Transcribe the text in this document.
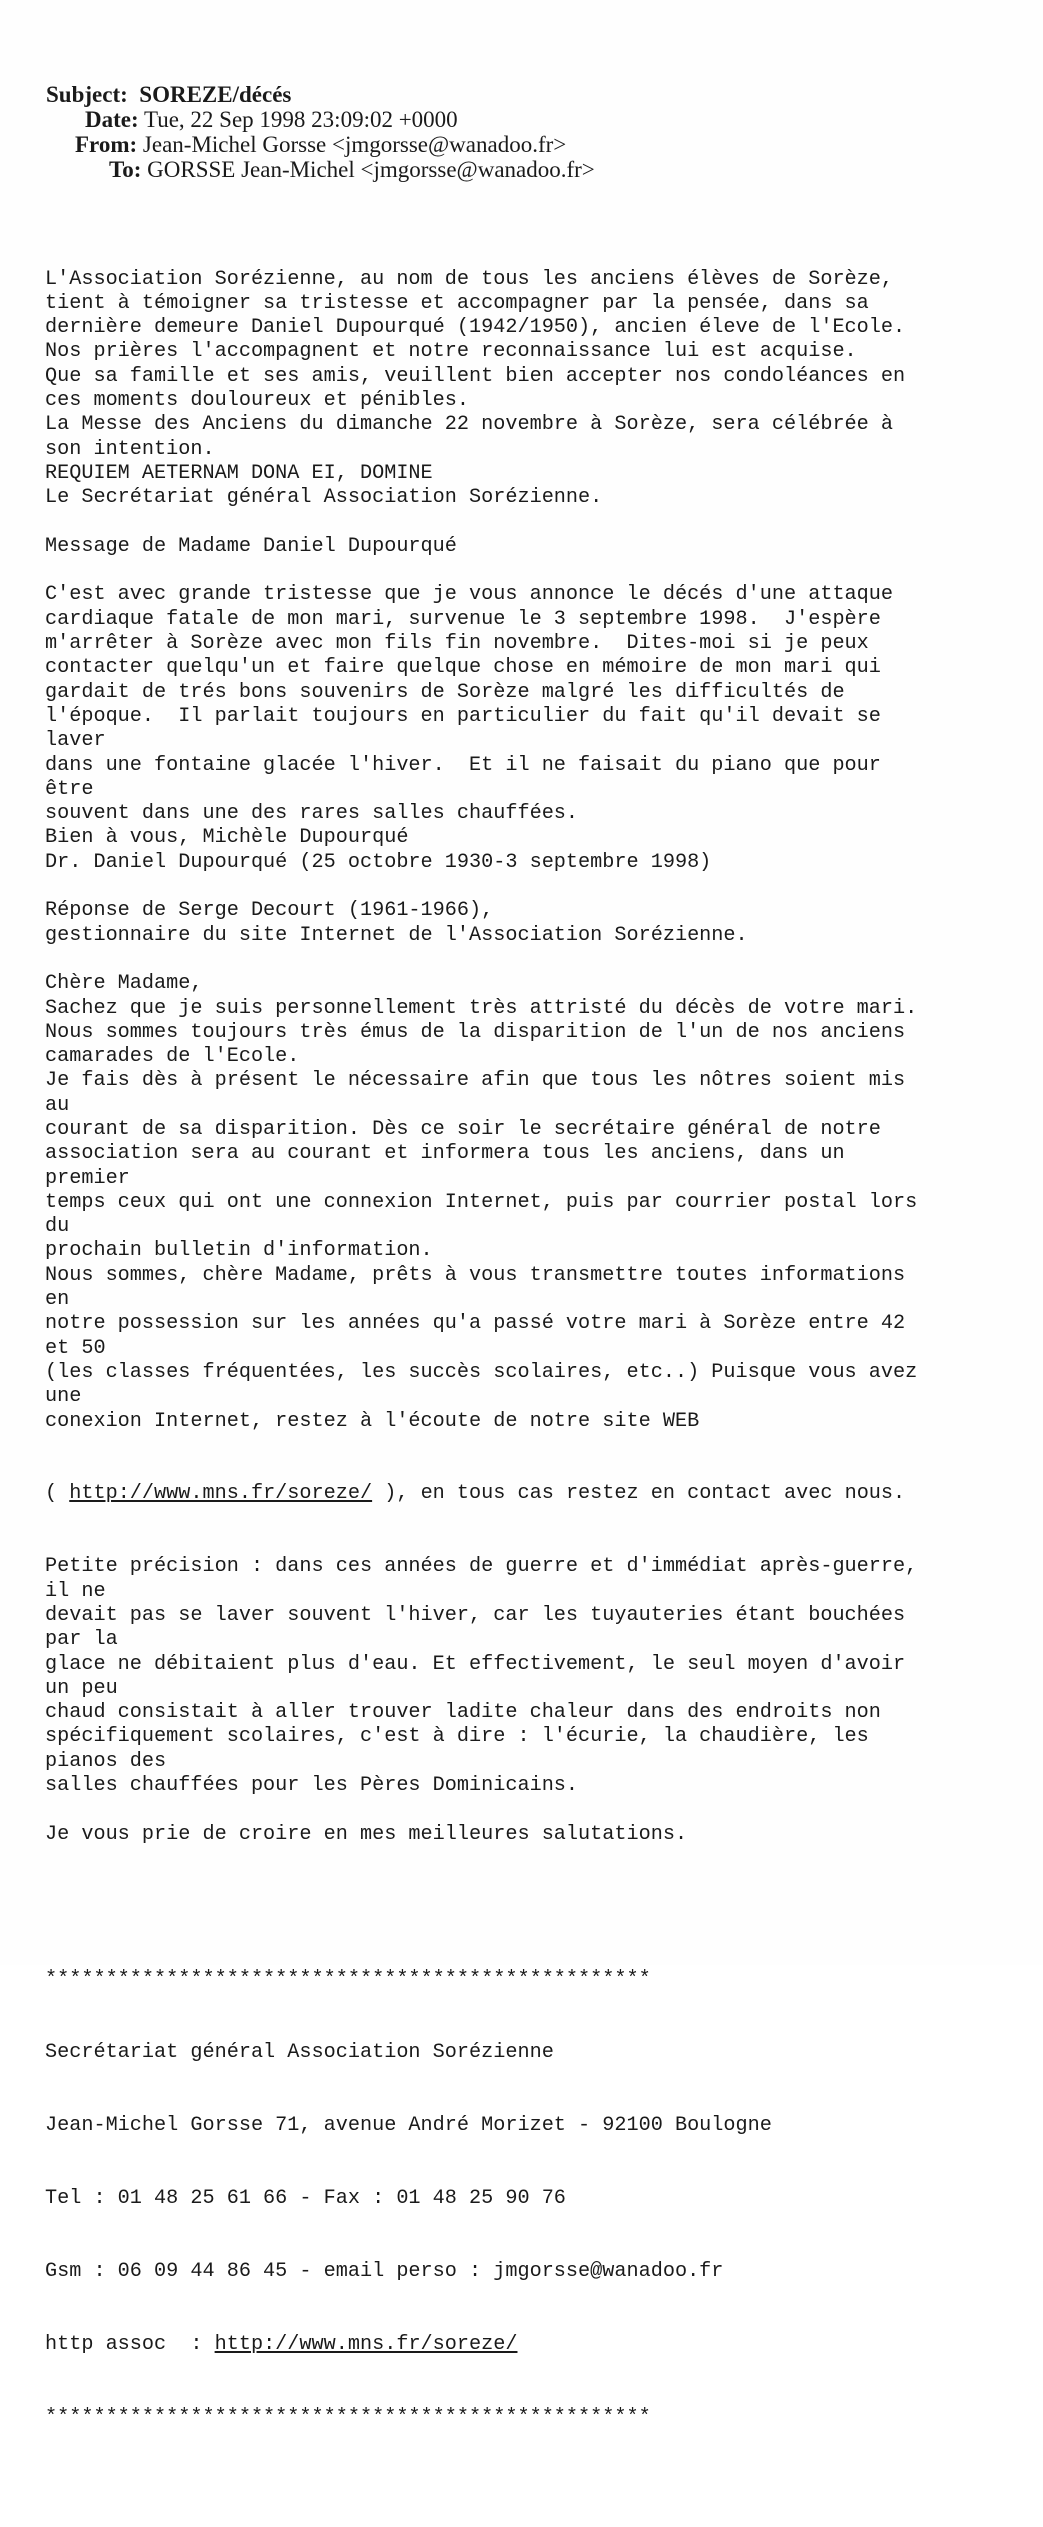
Subject: SOREZE/décés
Date: Tue, 22 Sep 1998 23:09:02 +0000
From: Jean-Michel Gorsse <jmgorsse@wanadoo.fr>
To: GORSSE Jean-Michel <jmgorsse@wanadoo.fr>

L'Association Sorézienne, au nom de tous les anciens élèves de Sorèze,
tient à témoigner sa tristesse et accompagner par la pensée, dans sa
dernière demeure Daniel Dupourqué (1942/1950), ancien éleve de l'Ecole.
Nos prières l'accompagnent et notre reconnaissance lui est acquise.
Que sa famille et ses amis, veuillent bien accepter nos condoléances en
ces moments douloureux et pénibles.
La Messe des Anciens du dimanche 22 novembre à Sorèze, sera célébrée à
son intention.
REQUIEM AETERNAM DONA EI, DOMINE
Le Secrétariat général Association Sorézienne.
Message de Madame Daniel Dupourqué
C'est avec grande tristesse que je vous annonce le décés d'une attaque
cardiaque fatale de mon mari, survenue le 3 septembre 1998.  J'espère
m'arrêter à Sorèze avec mon fils fin novembre.  Dites-moi si je peux
contacter quelqu'un et faire quelque chose en mémoire de mon mari qui
gardait de trés bons souvenirs de Sorèze malgré les difficultés de
l'époque.  Il parlait toujours en particulier du fait qu'il devait se
laver
dans une fontaine glacée l'hiver.  Et il ne faisait du piano que pour
être
souvent dans une des rares salles chauffées.
Bien à vous, Michèle Dupourqué
Dr. Daniel Dupourqué (25 octobre 1930-3 septembre 1998)
Réponse de Serge Decourt (1961-1966),
gestionnaire du site Internet de l'Association Sorézienne.
Chère Madame,
Sachez que je suis personnellement très attristé du décès de votre mari.
Nous sommes toujours très émus de la disparition de l'un de nos anciens
camarades de l'Ecole.
Je fais dès à présent le nécessaire afin que tous les nôtres soient mis
au
courant de sa disparition. Dès ce soir le secrétaire général de notre
association sera au courant et informera tous les anciens, dans un
premier
temps ceux qui ont une connexion Internet, puis par courrier postal lors
du
prochain bulletin d'information.
Nous sommes, chère Madame, prêts à vous transmettre toutes informations
en
notre possession sur les années qu'a passé votre mari à Sorèze entre 42
et 50
(les classes fréquentées, les succès scolaires, etc..) Puisque vous avez
une
conexion Internet, restez à l'écoute de notre site WEB

( http://www.mns.fr/soreze/ ), en tous cas restez en contact avec nous.

Petite précision : dans ces années de guerre et d'immédiat après-guerre,
il ne
devait pas se laver souvent l'hiver, car les tuyauteries étant bouchées
par la
glace ne débitaient plus d'eau. Et effectivement, le seul moyen d'avoir
un peu
chaud consistait à aller trouver ladite chaleur dans des endroits non
spécifiquement scolaires, c'est à dire : l'écurie, la chaudière, les
pianos des
salles chauffées pour les Pères Dominicains.
Je vous prie de croire en mes meilleures salutations.

**************************************************

Secrétariat général Association Sorézienne

Jean-Michel Gorsse 71, avenue André Morizet - 92100 Boulogne

Tel : 01 48 25 61 66 - Fax : 01 48 25 90 76

Gsm : 06 09 44 86 45 - email perso : jmgorsse@wanadoo.fr

http assoc  : http://www.mns.fr/soreze/

**************************************************
